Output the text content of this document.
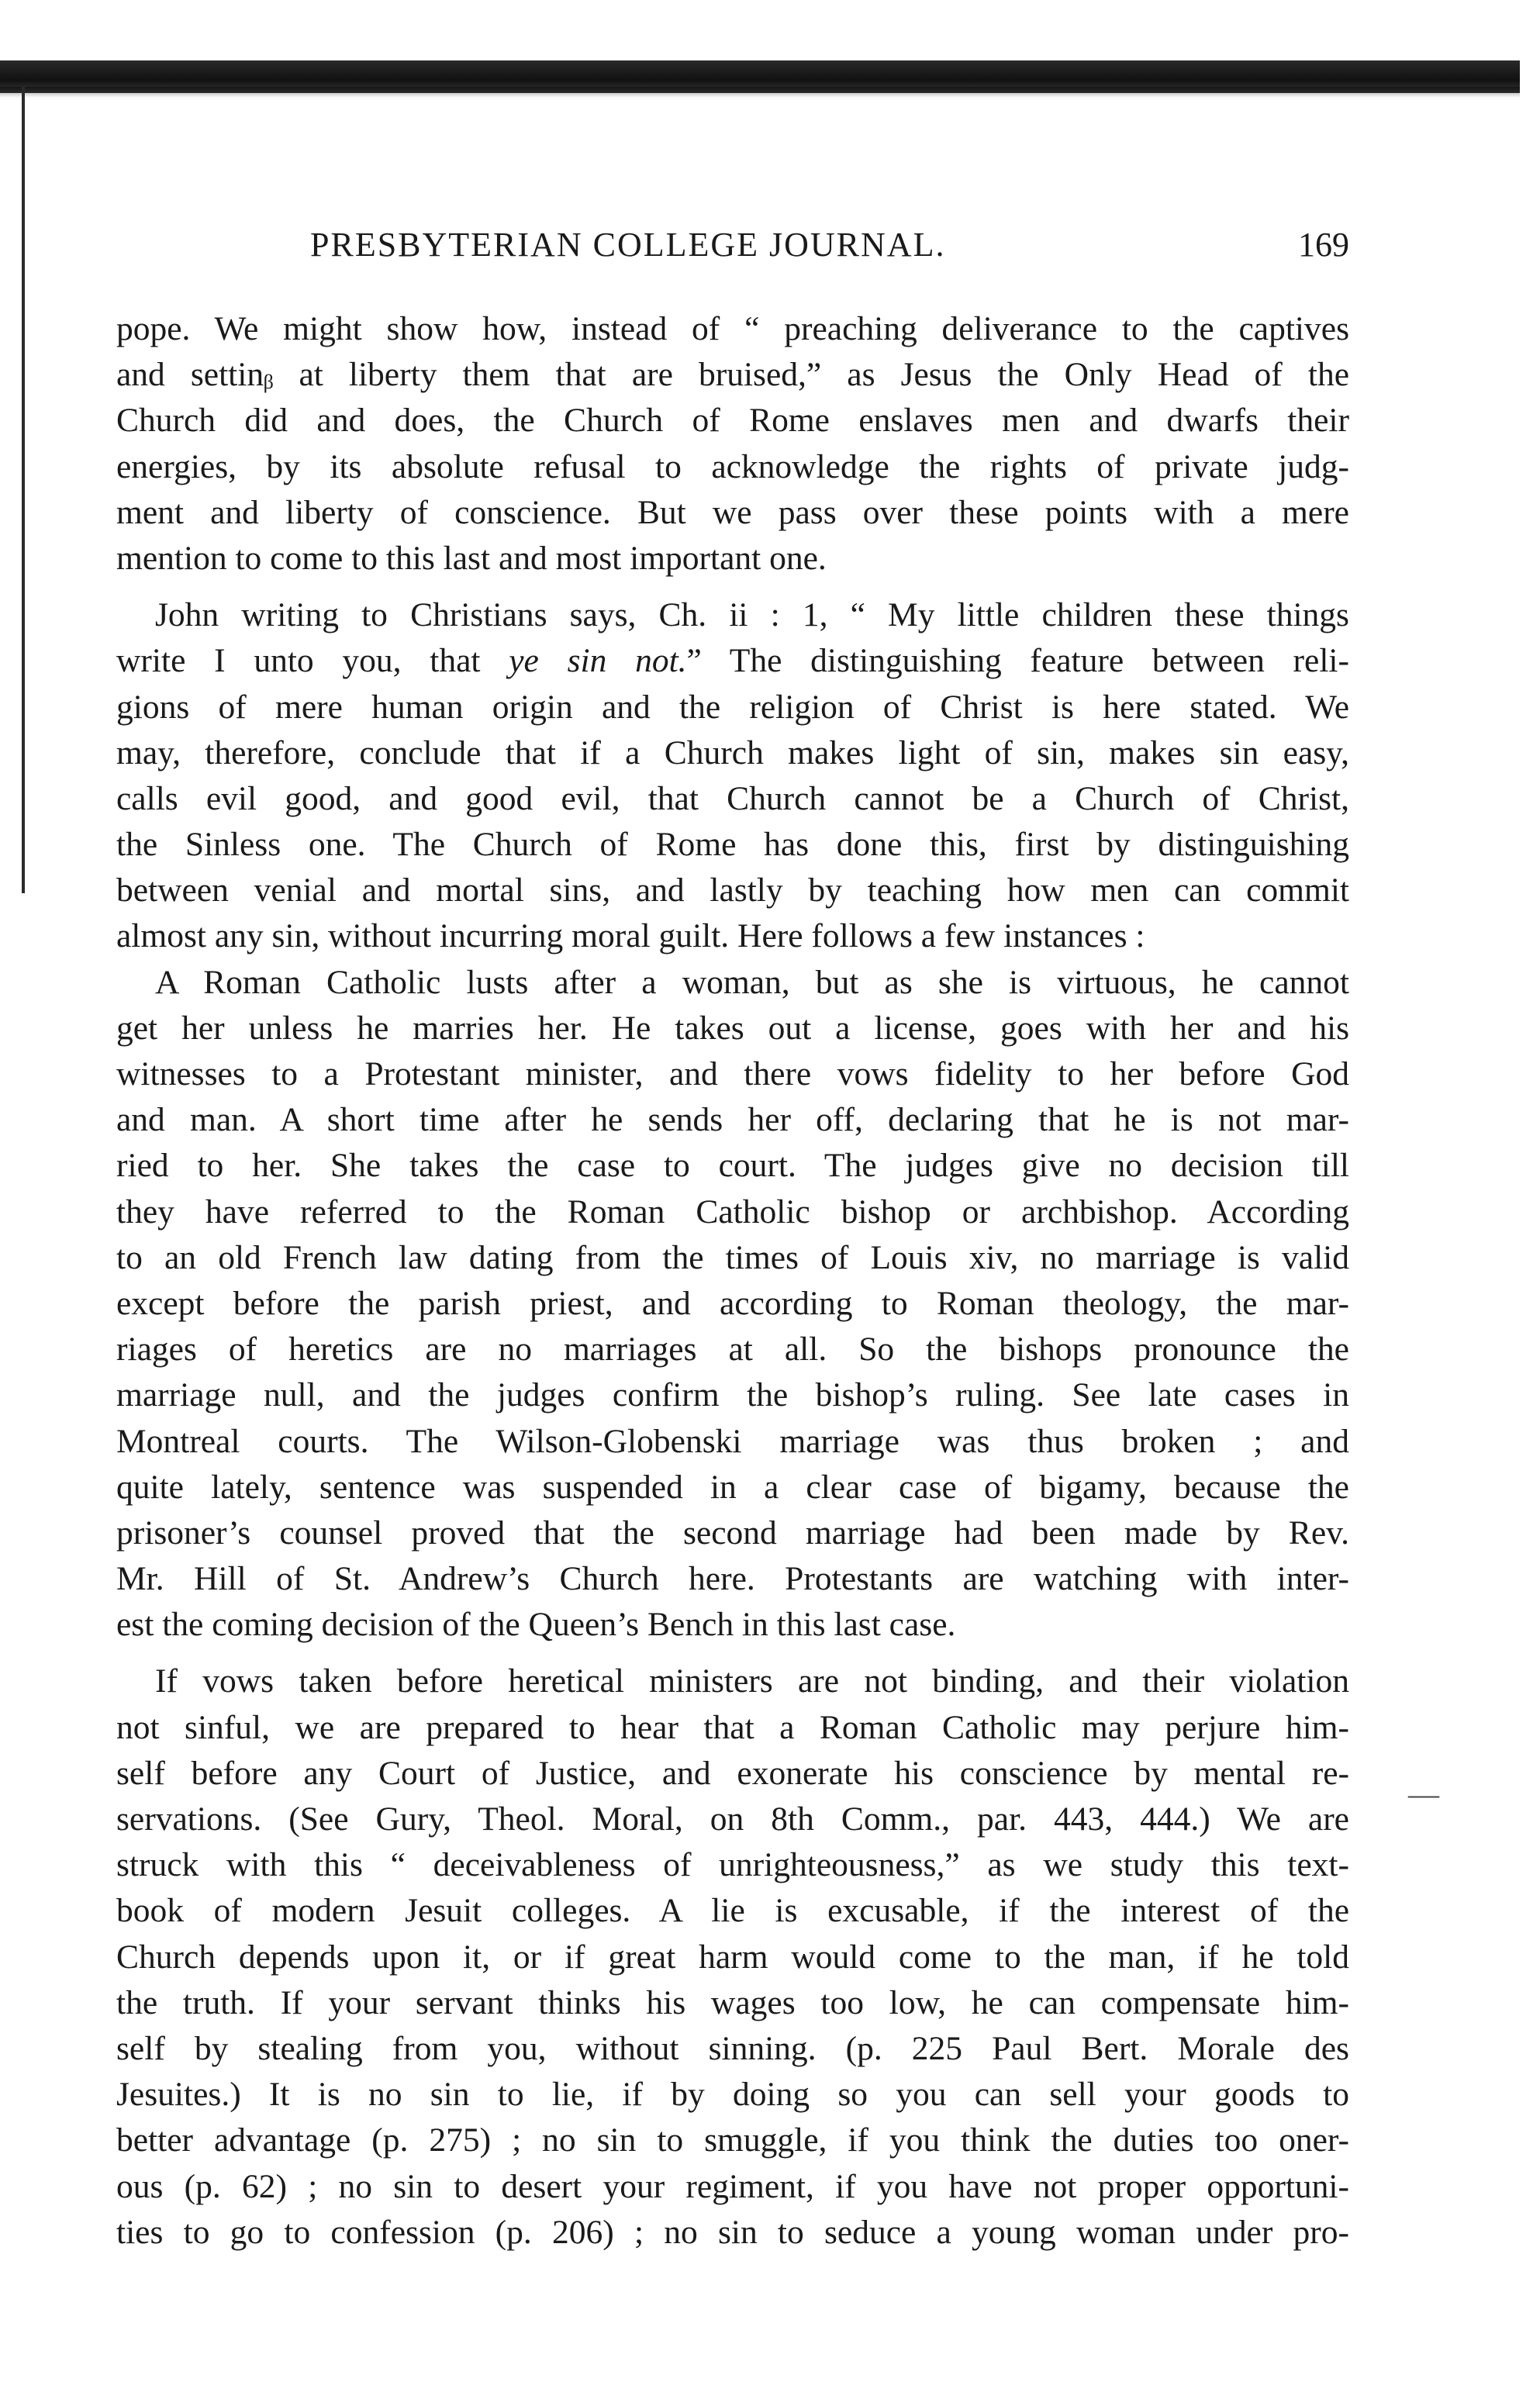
—
PRESBYTERIAN COLLEGE JOURNAL.	169
pope. We might show how, instead of “ preaching deliverance to the captives
and settinᵦ at liberty them that are bruised,” as Jesus the Only Head of the
Church did and does, the Church of Rome enslaves men and dwarfs their
energies, by its absolute refusal to acknowledge the rights of private judg-
ment and liberty of conscience. But we pass over these points with a mere
mention to come to this last and most important one.
John writing to Christians says, Ch. ii : 1, “ My little children these things
write I unto you, that ye sin not.” The distinguishing feature between reli-
gions of mere human origin and the religion of Christ is here stated. We
may, therefore, conclude that if a Church makes light of sin, makes sin easy,
calls evil good, and good evil, that Church cannot be a Church of Christ,
the Sinless one. The Church of Rome has done this, first by distinguishing
between venial and mortal sins, and lastly by teaching how men can commit
almost any sin, without incurring moral guilt. Here follows a few instances :
A Roman Catholic lusts after a woman, but as she is virtuous, he cannot
get her unless he marries her. He takes out a license, goes with her and his
witnesses to a Protestant minister, and there vows fidelity to her before God
and man. A short time after he sends her off, declaring that he is not mar-
ried to her. She takes the case to court. The judges give no decision till
they have referred to the Roman Catholic bishop or archbishop. According
to an old French law dating from the times of Louis xiv, no marriage is valid
except before the parish priest, and according to Roman theology, the mar-
riages of heretics are no marriages at all. So the bishops pronounce the
marriage null, and the judges confirm the bishop’s ruling. See late cases in
Montreal courts. The Wilson-Globenski marriage was thus broken ; and
quite lately, sentence was suspended in a clear case of bigamy, because the
prisoner’s counsel proved that the second marriage had been made by Rev.
Mr. Hill of St. Andrew’s Church here. Protestants are watching with inter-
est the coming decision of the Queen’s Bench in this last case.
If vows taken before heretical ministers are not binding, and their violation
not sinful, we are prepared to hear that a Roman Catholic may perjure him-
self before any Court of Justice, and exonerate his conscience by mental re-
servations. (See Gury, Theol. Moral, on 8th Comm., par. 443, 444.) We are
struck with this “ deceivableness of unrighteousness,” as we study this text-
book of modern Jesuit colleges. A lie is excusable, if the interest of the
Church depends upon it, or if great harm would come to the man, if he told
the truth. If your servant thinks his wages too low, he can compensate him-
self by stealing from you, without sinning. (p. 225 Paul Bert. Morale des
Jesuites.) It is no sin to lie, if by doing so you can sell your goods to
better advantage (p. 275) ; no sin to smuggle, if you think the duties too oner-
ous (p. 62) ; no sin to desert your regiment, if you have not proper opportuni-
ties to go to confession (p. 206) ; no sin to seduce a young woman under pro-
